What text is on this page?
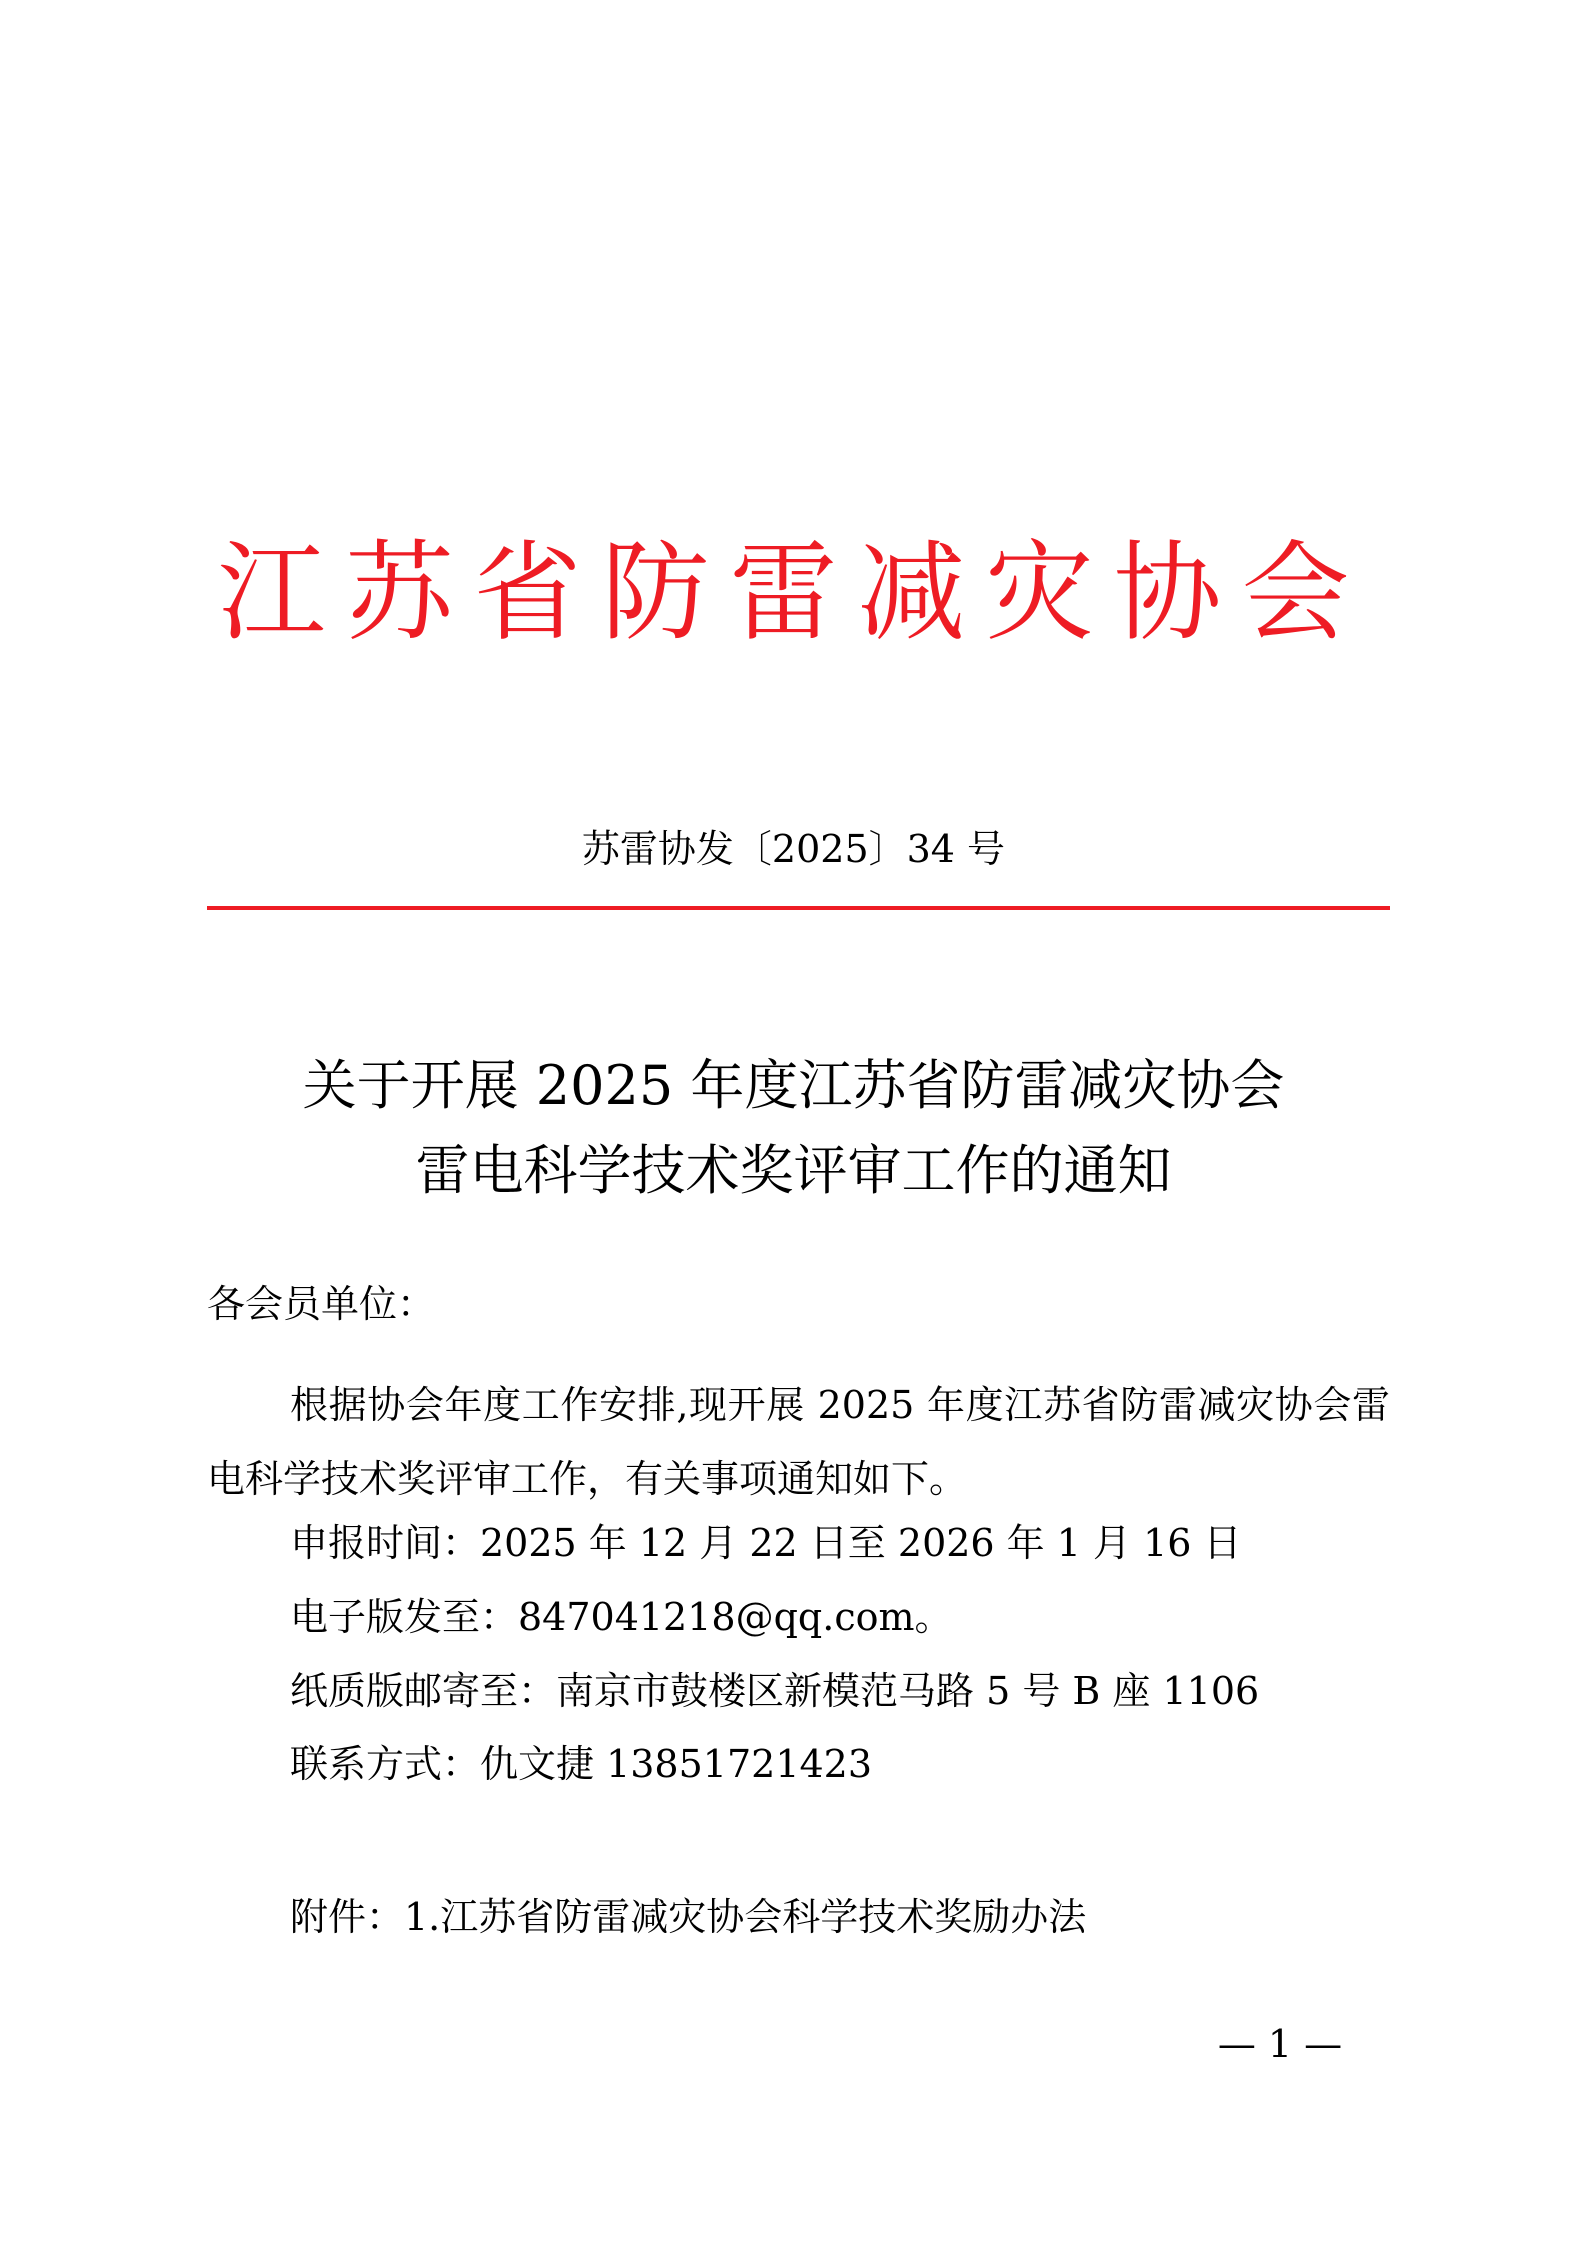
江苏省防雷减灾协会
苏雷协发〔2025〕34 号
关于开展 2025 年度江苏省防雷减灾协会
雷电科学技术奖评审工作的通知
各会员单位：
根据协会年度工作安排,现开展 2025 年度江苏省防雷减灾协会雷电科学技术奖评审工作，有关事项通知如下。
申报时间：2025 年 12 月 22 日至 2026 年 1 月 16 日
电子版发至：847041218@qq.com。
纸质版邮寄至：南京市鼓楼区新模范马路 5 号 B 座 1106
联系方式：仇文捷 13851721423
附件：1.江苏省防雷减灾协会科学技术奖励办法
— 1 —
